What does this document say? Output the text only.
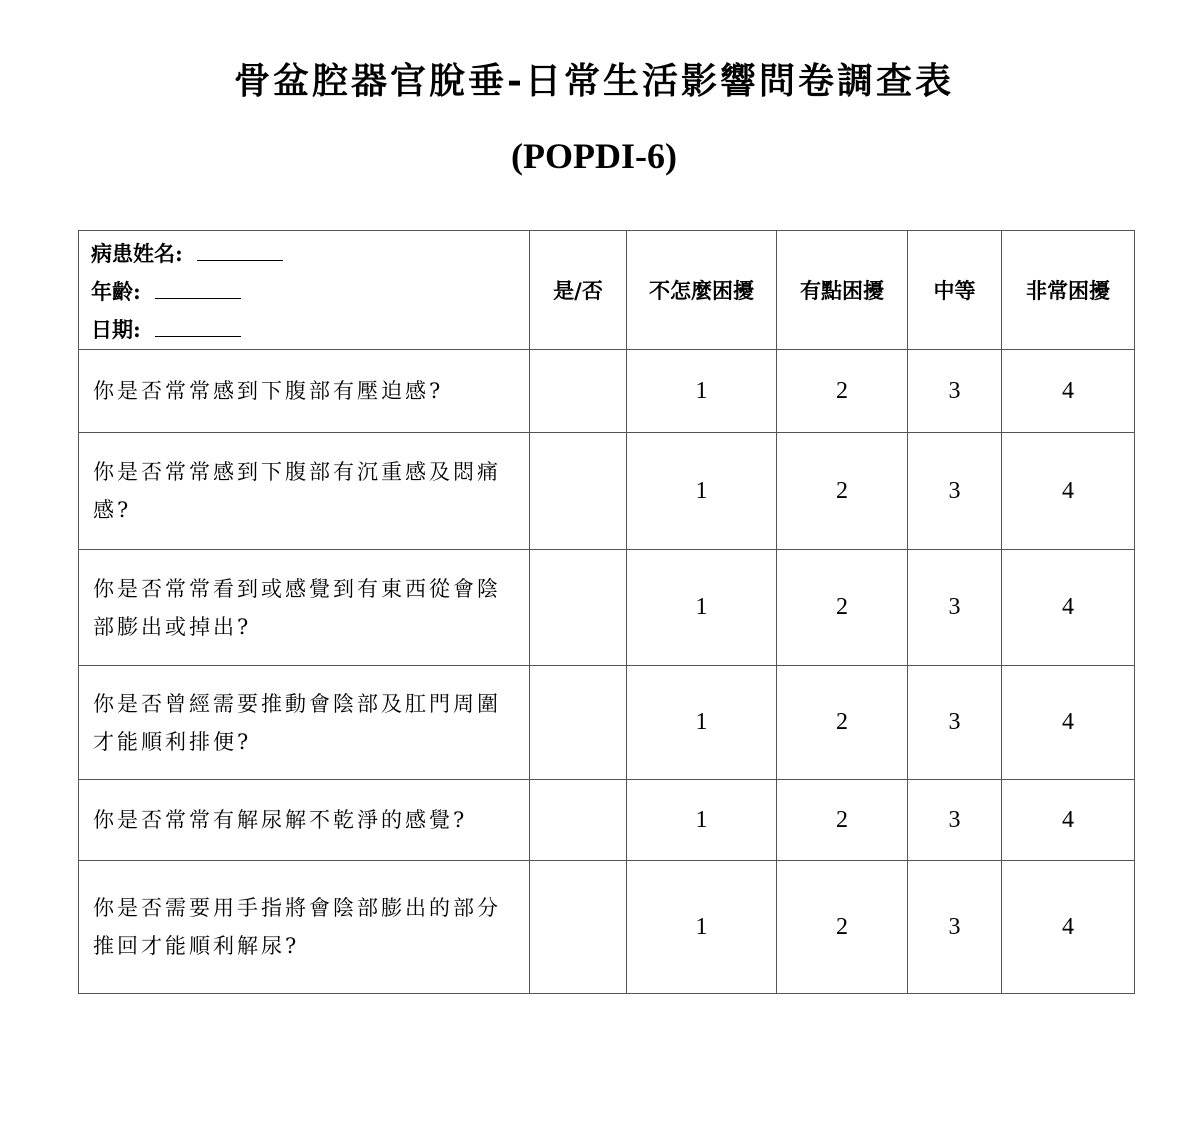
骨盆腔器官脫垂-日常生活影響問卷調查表
(POPDI-6)
病患姓名:
年齡:
日期:	是/否	不怎麼困擾	有點困擾	中等	非常困擾
你是否常常感到下腹部有壓迫感?		1	2	3	4
你是否常常感到下腹部有沉重感及悶痛感?		1	2	3	4
你是否常常看到或感覺到有東西從會陰部膨出或掉出?		1	2	3	4
你是否曾經需要推動會陰部及肛門周圍才能順利排便?		1	2	3	4
你是否常常有解尿解不乾淨的感覺?		1	2	3	4
你是否需要用手指將會陰部膨出的部分推回才能順利解尿?		1	2	3	4
